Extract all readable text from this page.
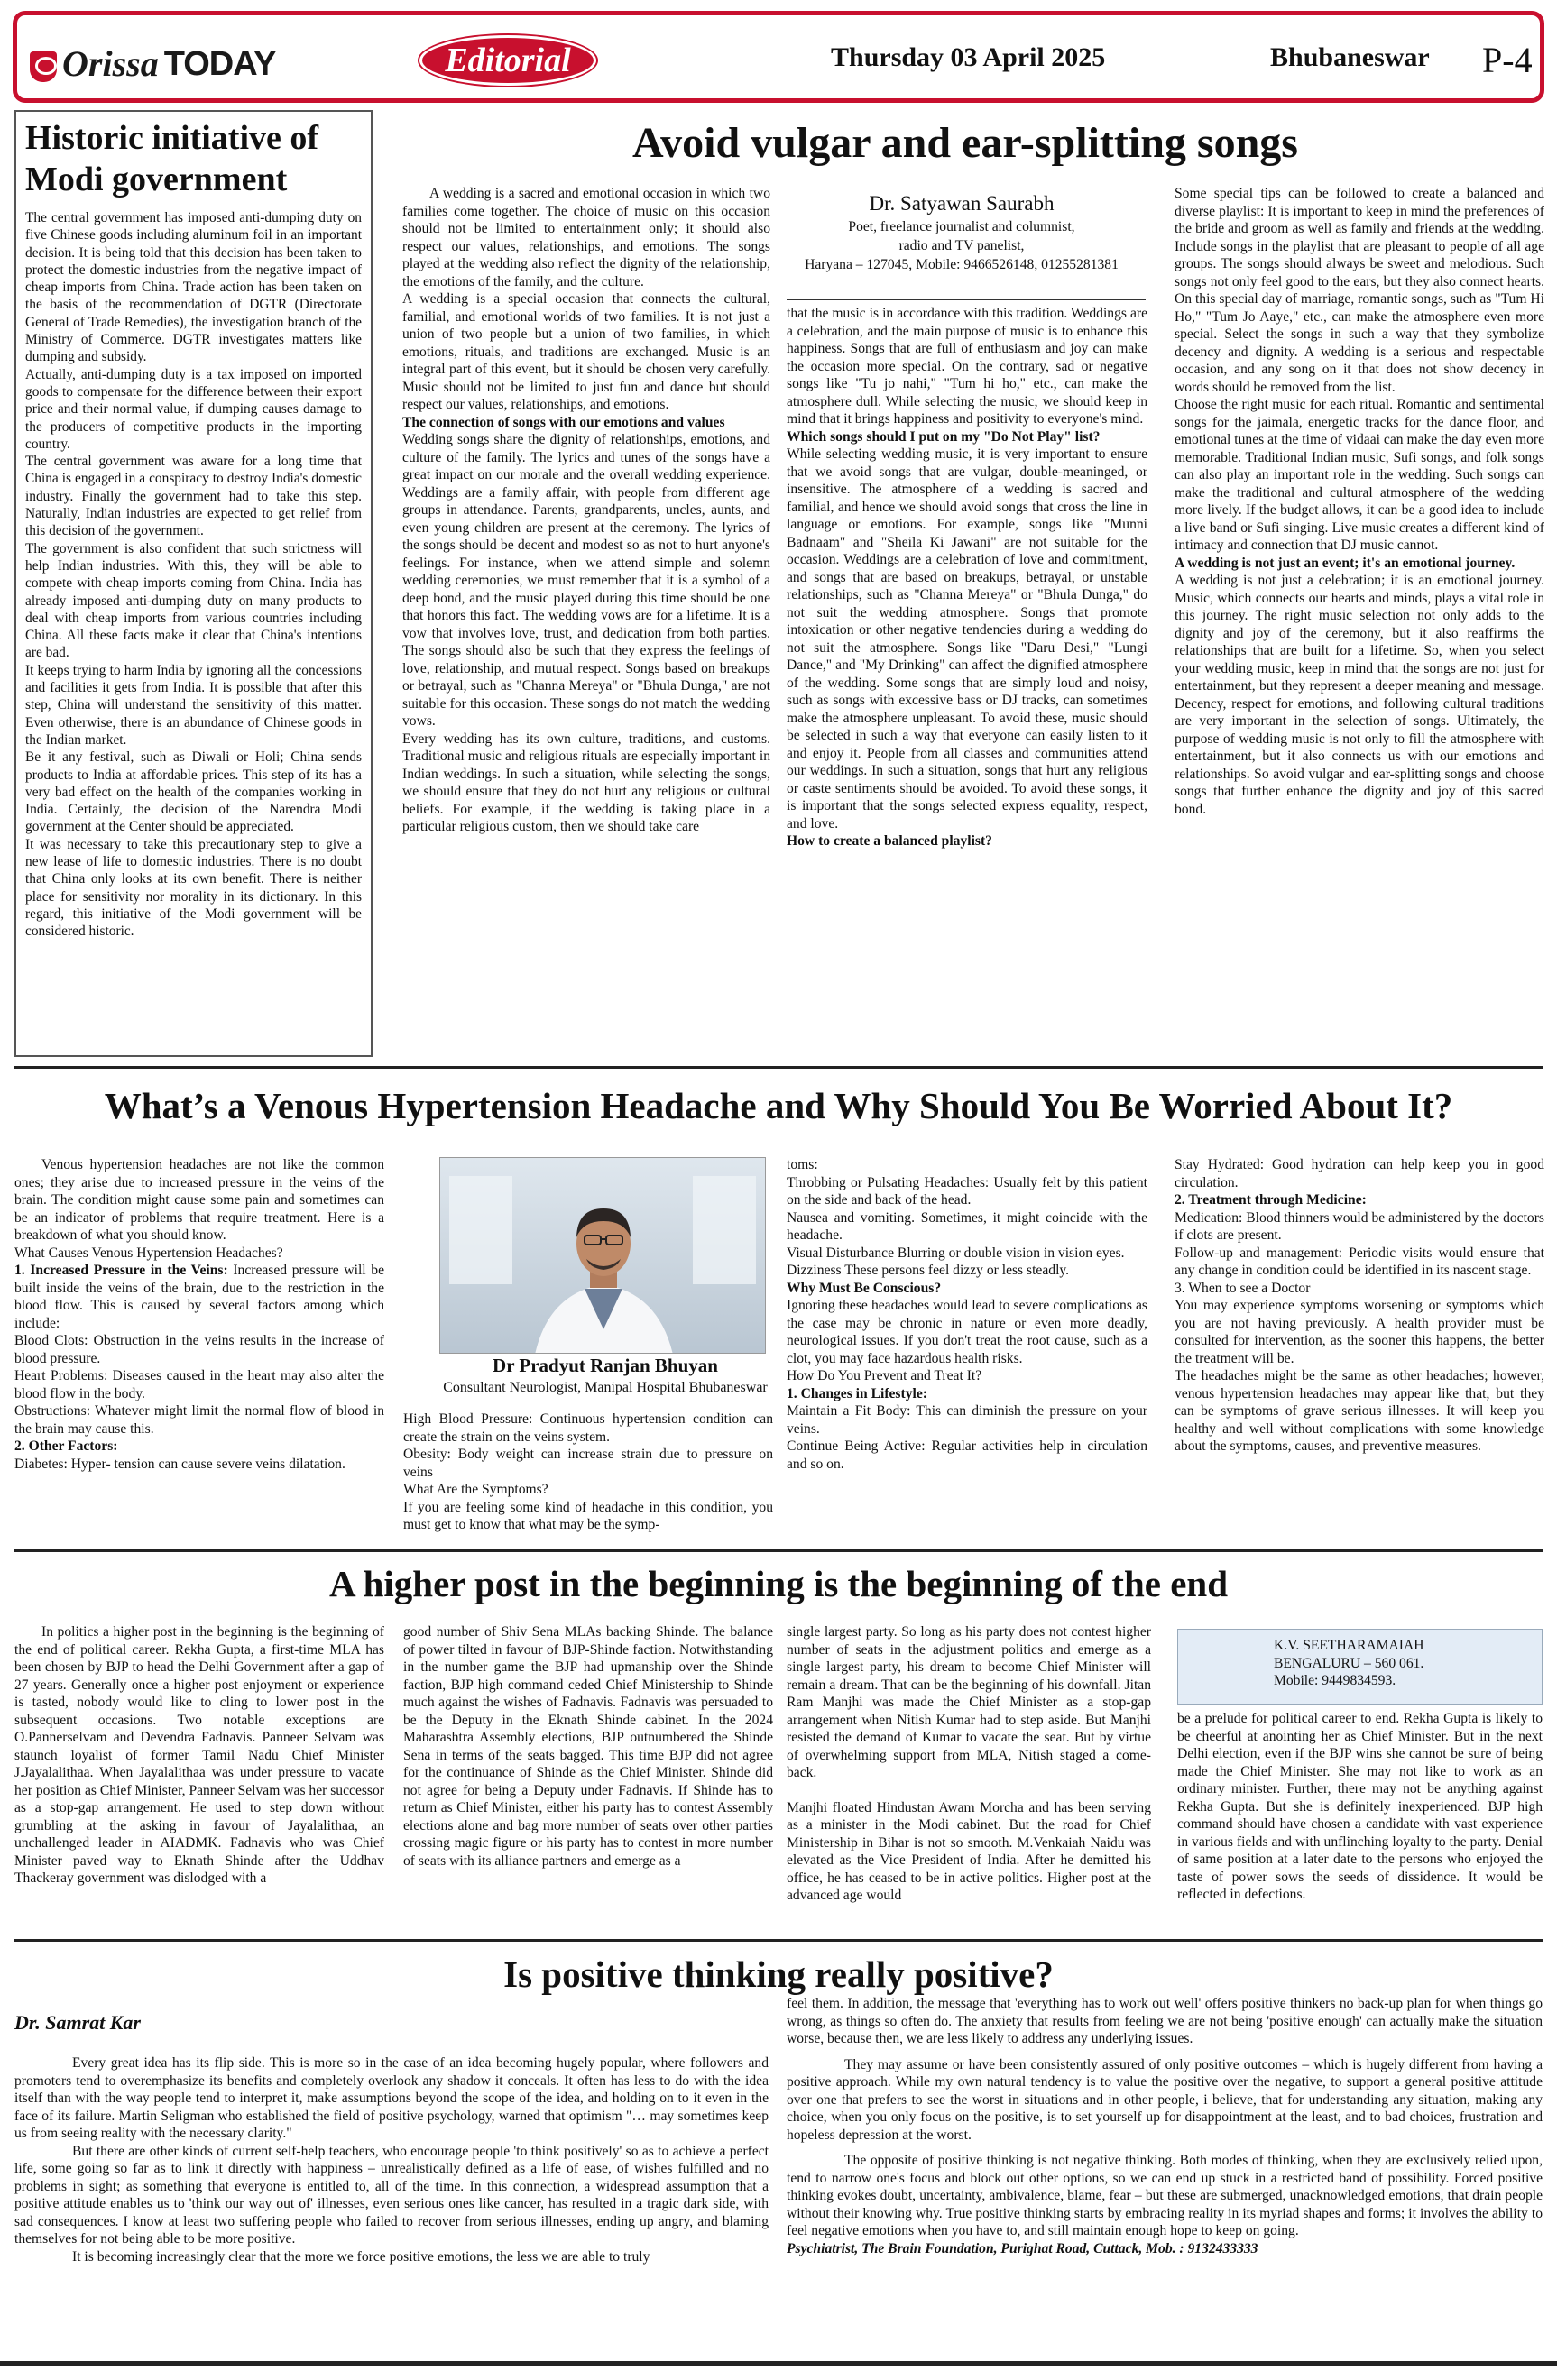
Orissa TODAY	Editorial	Thursday 03 April 2025	Bhubaneswar P-4
Historic initiative of Modi government

The central government has imposed anti-dumping duty on five Chinese goods including aluminum foil in an important decision. It is being told that this decision has been taken to protect the domestic industries from the negative impact of cheap imports from China. Trade action has been taken on the basis of the recommendation of DGTR (Directorate General of Trade Remedies), the investigation branch of the Ministry of Commerce. DGTR investigates matters like dumping and subsidy.

Actually, anti-dumping duty is a tax imposed on imported goods to compensate for the difference between their export price and their normal value, if dumping causes damage to the producers of competitive products in the importing country.

The central government was aware for a long time that China is engaged in a conspiracy to destroy India's domestic industry. Finally the government had to take this step. Naturally, Indian industries are expected to get relief from this decision of the government.

The government is also confident that such strictness will help Indian industries. With this, they will be able to compete with cheap imports coming from China. India has already imposed anti-dumping duty on many products to deal with cheap imports from various countries including China. All these facts make it clear that China's intentions are bad.

It keeps trying to harm India by ignoring all the concessions and facilities it gets from India. It is possible that after this step, China will understand the sensitivity of this matter. Even otherwise, there is an abundance of Chinese goods in the Indian market.

Be it any festival, such as Diwali or Holi; China sends products to India at affordable prices. This step of its has a very bad effect on the health of the companies working in India. Certainly, the decision of the Narendra Modi government at the Center should be appreciated.

It was necessary to take this precautionary step to give a new lease of life to domestic industries. There is no doubt that China only looks at its own benefit. There is neither place for sensitivity nor morality in its dictionary. In this regard, this initiative of the Modi government will be considered historic.

Avoid vulgar and ear-splitting songs

A wedding is a sacred and emotional occasion in which two families come together. The choice of music on this occasion should not be limited to entertainment only; it should also respect our values, relationships, and emotions. The songs played at the wedding also reflect the dignity of the relationship, the emotions of the family, and the culture.

A wedding is a special occasion that connects the cultural, familial, and emotional worlds of two families. It is not just a union of two people but a union of two families, in which emotions, rituals, and traditions are exchanged. Music is an integral part of this event, but it should be chosen very carefully. Music should not be limited to just fun and dance but should respect our values, relationships, and emotions.

The connection of songs with our emotions and values

Wedding songs share the dignity of relationships, emotions, and culture of the family. The lyrics and tunes of the songs have a great impact on our morale and the overall wedding experience. Weddings are a family affair, with people from different age groups in attendance. Parents, grandparents, uncles, aunts, and even young children are present at the ceremony. The lyrics of the songs should be decent and modest so as not to hurt anyone's feelings. For instance, when we attend simple and solemn wedding ceremonies, we must remember that it is a symbol of a deep bond, and the music played during this time should be one that honors this fact. The wedding vows are for a lifetime. It is a vow that involves love, trust, and dedication from both parties. The songs should also be such that they express the feelings of love, relationship, and mutual respect. Songs based on breakups or betrayal, such as "Channa Mereya" or "Bhula Dunga," are not suitable for this occasion. These songs do not match the wedding vows.

Every wedding has its own culture, traditions, and customs. Traditional music and religious rituals are especially important in Indian weddings. In such a situation, while selecting the songs, we should ensure that they do not hurt any religious or cultural beliefs. For example, if the wedding is taking place in a particular religious custom, then we should take care

Dr. Satyawan Saurabh
Poet, freelance journalist and columnist,
radio and TV panelist,
Haryana – 127045, Mobile: 9466526148, 01255281381

that the music is in accordance with this tradition. Weddings are a celebration, and the main purpose of music is to enhance this happiness. Songs that are full of enthusiasm and joy can make the occasion more special. On the contrary, sad or negative songs like "Tu jo nahi," "Tum hi ho," etc., can make the atmosphere dull. While selecting the music, we should keep in mind that it brings happiness and positivity to everyone's mind.

Which songs should I put on my "Do Not Play" list?

While selecting wedding music, it is very important to ensure that we avoid songs that are vulgar, double-meaninged, or insensitive. The atmosphere of a wedding is sacred and familial, and hence we should avoid songs that cross the line in language or emotions. For example, songs like "Munni Badnaam" and "Sheila Ki Jawani" are not suitable for the occasion. Weddings are a celebration of love and commitment, and songs that are based on breakups, betrayal, or unstable relationships, such as "Channa Mereya" or "Bhula Dunga," do not suit the wedding atmosphere. Songs that promote intoxication or other negative tendencies during a wedding do not suit the atmosphere. Songs like "Daru Desi," "Lungi Dance," and "My Drinking" can affect the dignified atmosphere of the wedding. Some songs that are simply loud and noisy, such as songs with excessive bass or DJ tracks, can sometimes make the atmosphere unpleasant. To avoid these, music should be selected in such a way that everyone can easily listen to it and enjoy it. People from all classes and communities attend our weddings. In such a situation, songs that hurt any religious or caste sentiments should be avoided. To avoid these songs, it is important that the songs selected express equality, respect, and love.

How to create a balanced playlist?

Some special tips can be followed to create a balanced and diverse playlist: It is important to keep in mind the preferences of the bride and groom as well as family and friends at the wedding. Include songs in the playlist that are pleasant to people of all age groups. The songs should always be sweet and melodious. Such songs not only feel good to the ears, but they also connect hearts. On this special day of marriage, romantic songs, such as "Tum Hi Ho," "Tum Jo Aaye," etc., can make the atmosphere even more special. Select the songs in such a way that they symbolize decency and dignity. A wedding is a serious and respectable occasion, and any song on it that does not show decency in words should be removed from the list.

Choose the right music for each ritual. Romantic and sentimental songs for the jaimala, energetic tracks for the dance floor, and emotional tunes at the time of vidaai can make the day even more memorable. Traditional Indian music, Sufi songs, and folk songs can also play an important role in the wedding. Such songs can make the traditional and cultural atmosphere of the wedding more lively. If the budget allows, it can be a good idea to include a live band or Sufi singing. Live music creates a different kind of intimacy and connection that DJ music cannot.

A wedding is not just an event; it's an emotional journey.

A wedding is not just a celebration; it is an emotional journey. Music, which connects our hearts and minds, plays a vital role in this journey. The right music selection not only adds to the dignity and joy of the ceremony, but it also reaffirms the relationships that are built for a lifetime. So, when you select your wedding music, keep in mind that the songs are not just for entertainment, but they represent a deeper meaning and message. Decency, respect for emotions, and following cultural traditions are very important in the selection of songs. Ultimately, the purpose of wedding music is not only to fill the atmosphere with entertainment, but it also connects us with our emotions and relationships. So avoid vulgar and ear-splitting songs and choose songs that further enhance the dignity and joy of this sacred bond.

What’s a Venous Hypertension Headache and Why Should You Be Worried About It?

Venous hypertension headaches are not like the common ones; they arise due to increased pressure in the veins of the brain. The condition might cause some pain and sometimes can be an indicator of problems that require treatment. Here is a breakdown of what you should know.

What Causes Venous Hypertension Headaches?

1. Increased Pressure in the Veins: Increased pressure will be built inside the veins of the brain, due to the restriction in the blood flow. This is caused by several factors among which include:

Blood Clots: Obstruction in the veins results in the increase of blood pressure.

Heart Problems: Diseases caused in the heart may also alter the blood flow in the body.

Obstructions: Whatever might limit the normal flow of blood in the brain may cause this.

2. Other Factors:

Diabetes: Hyper- tension can cause severe veins dilatation.

Dr Pradyut Ranjan Bhuyan
Consultant Neurologist, Manipal Hospital Bhubaneswar

High Blood Pressure: Continuous hypertension condition can create the strain on the veins system.

Obesity: Body weight can increase strain due to pressure on veins

What Are the Symptoms?

If you are feeling some kind of headache in this condition, you must get to know that what may be the symp-

toms:

Throbbing or Pulsating Headaches: Usually felt by this patient on the side and back of the head.

Nausea and vomiting. Sometimes, it might coincide with the headache.

Visual Disturbance Blurring or double vision in vision eyes.

Dizziness These persons feel dizzy or less steadly.

Why Must Be Conscious?

Ignoring these headaches would lead to severe complications as the case may be chronic in nature or even more deadly, neurological issues. If you don't treat the root cause, such as a clot, you may face hazardous health risks.

How Do You Prevent and Treat It?

1. Changes in Lifestyle:

Maintain a Fit Body: This can diminish the pressure on your veins.

Continue Being Active: Regular activities help in circulation and so on.

Stay Hydrated: Good hydration can help keep you in good circulation.

2. Treatment through Medicine:

Medication: Blood thinners would be administered by the doctors if clots are present.

Follow-up and management: Periodic visits would ensure that any change in condition could be identified in its nascent stage.

3. When to see a Doctor

You may experience symptoms worsening or symptoms which you are not having previously. A health provider must be consulted for intervention, as the sooner this happens, the better the treatment will be.

The headaches might be the same as other headaches; however, venous hypertension headaches may appear like that, but they can be symptoms of grave serious illnesses. It will keep you healthy and well without complications with some knowledge about the symptoms, causes, and preventive measures.

A higher post in the beginning is the beginning of the end

In politics a higher post in the beginning is the beginning of the end of political career. Rekha Gupta, a first-time MLA has been chosen by BJP to head the Delhi Government after a gap of 27 years. Generally once a higher post enjoyment or experience is tasted, nobody would like to cling to lower post in the subsequent occasions. Two notable exceptions are O.Pannerselvam and Devendra Fadnavis. Panneer Selvam was staunch loyalist of former Tamil Nadu Chief Minister J.Jayalalithaa. When Jayalalithaa was under pressure to vacate her position as Chief Minister, Panneer Selvam was her successor as a stop-gap arrangement. He used to step down without grumbling at the asking in favour of Jayalalithaa, an unchallenged leader in AIADMK. Fadnavis who was Chief Minister paved way to Eknath Shinde after the Uddhav Thackeray government was dislodged with a

good number of Shiv Sena MLAs backing Shinde. The balance of power tilted in favour of BJP-Shinde faction. Notwithstanding in the number game the BJP had upmanship over the Shinde faction, BJP high command ceded Chief Ministership to Shinde much against the wishes of Fadnavis. Fadnavis was persuaded to be the Deputy in the Eknath Shinde cabinet. In the 2024 Maharashtra Assembly elections, BJP outnumbered the Shinde Sena in terms of the seats bagged. This time BJP did not agree for the continuance of Shinde as the Chief Minister. Shinde did not agree for being a Deputy under Fadnavis. If Shinde has to return as Chief Minister, either his party has to contest Assembly elections alone and bag more number of seats over other parties crossing magic figure or his party has to contest in more number of seats with its alliance partners and emerge as a

single largest party. So long as his party does not contest higher number of seats in the adjustment politics and emerge as a single largest party, his dream to become Chief Minister will remain a dream. That can be the beginning of his downfall. Jitan Ram Manjhi was made the Chief Minister as a stop-gap arrangement when Nitish Kumar had to step aside. But Manjhi resisted the demand of Kumar to vacate the seat. But by virtue of overwhelming support from MLA, Nitish staged a come-back.

Manjhi floated Hindustan Awam Morcha and has been serving as a minister in the Modi cabinet. But the road for Chief Ministership in Bihar is not so smooth. M.Venkaiah Naidu was elevated as the Vice President of India. After he demitted his office, he has ceased to be in active politics. Higher post at the advanced age would

K.V. SEETHARAMAIAH
BENGALURU – 560 061.
Mobile: 9449834593.

be a prelude for political career to end. Rekha Gupta is likely to be cheerful at anointing her as Chief Minister. But in the next Delhi election, even if the BJP wins she cannot be sure of being made the Chief Minister. She may not like to work as an ordinary minister. Further, there may not be anything against Rekha Gupta. But she is definitely inexperienced. BJP high command should have chosen a candidate with vast experience in various fields and with unflinching loyalty to the party. Denial of same position at a later date to the persons who enjoyed the taste of power sows the seeds of dissidence. It would be reflected in defections.

Is positive thinking really positive?
Dr. Samrat Kar

Every great idea has its flip side. This is more so in the case of an idea becoming hugely popular, where followers and promoters tend to overemphasize its benefits and completely overlook any shadow it conceals. It often has less to do with the idea itself than with the way people tend to interpret it, make assumptions beyond the scope of the idea, and holding on to it even in the face of its failure. Martin Seligman who established the field of positive psychology, warned that optimism "… may sometimes keep us from seeing reality with the necessary clarity."

But there are other kinds of current self-help teachers, who encourage people 'to think positively' so as to achieve a perfect life, some going so far as to link it directly with happiness – unrealistically defined as a life of ease, of wishes fulfilled and no problems in sight; as something that everyone is entitled to, all of the time. In this connection, a widespread assumption that a positive attitude enables us to 'think our way out of' illnesses, even serious ones like cancer, has resulted in a tragic dark side, with sad consequences. I know at least two suffering people who failed to recover from serious illnesses, ending up angry, and blaming themselves for not being able to be more positive.

It is becoming increasingly clear that the more we force positive emotions, the less we are able to truly

feel them. In addition, the message that 'everything has to work out well' offers positive thinkers no back-up plan for when things go wrong, as things so often do. The anxiety that results from feeling we are not being 'positive enough' can actually make the situation worse, because then, we are less likely to address any underlying issues.

They may assume or have been consistently assured of only positive outcomes – which is hugely different from having a positive approach. While my own natural tendency is to value the positive over the negative, to support a general positive attitude over one that prefers to see the worst in situations and in other people, i believe, that for understanding any situation, making any choice, when you only focus on the positive, is to set yourself up for disappointment at the least, and to bad choices, frustration and hopeless depression at the worst.

The opposite of positive thinking is not negative thinking. Both modes of thinking, when they are exclusively relied upon, tend to narrow one's focus and block out other options, so we can end up stuck in a restricted band of possibility. Forced positive thinking evokes doubt, uncertainty, ambivalence, blame, fear – but these are submerged, unacknowledged emotions, that drain people without their knowing why. True positive thinking starts by embracing reality in its myriad shapes and forms; it involves the ability to feel negative emotions when you have to, and still maintain enough hope to keep on going.

Psychiatrist, The Brain Foundation, Purighat Road, Cuttack, Mob. : 9132433333
